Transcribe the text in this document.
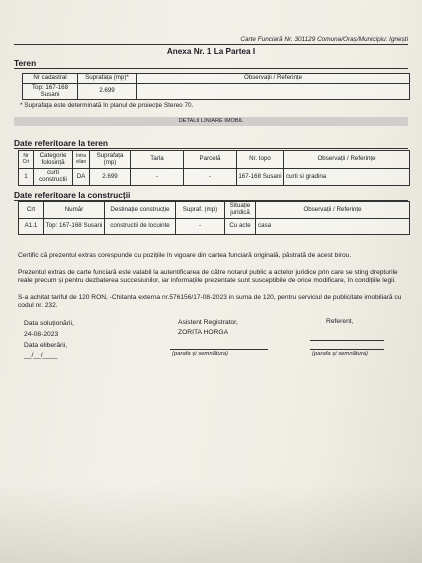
Carte Funciară Nr. 301129 Comuna/Oraș/Municipiu: Ignești
Anexa Nr. 1 La Partea I
Teren
Nr cadastral	Suprafața (mp)*	Observații / Referințe
Top: 167-168 Susani	2.699	
* Suprafața este determinată în planul de proiecție Stereo 70.
DETALII LINIARE IMOBIL
Date referitoare la teren
Nr Crt	Categorie folosință	Intra vilan	Suprafața (mp)	Tarla	Parcelă	Nr. topo	Observații / Referințe
1	curti constructii	DA	2.699	-	-	167-168 Susani	curti si gradina
Date referitoare la construcții
Crt	Număr	Destinație construcție	Supraf. (mp)	Situație juridică	Observații / Referințe
A1.1	Top: 167-168 Susani	constructii de locuinte	-	Cu acte	casa
Certific că prezentul extras corespunde cu pozițiile în vigoare din cartea funciară originală, păstrată de acest birou.
Prezentul extras de carte funciară este valabil la autentificarea de către notarul public a actelor juridice prin care se sting drepturile reale precum și pentru dezbaterea succesiunilor, iar informațiile prezentate sunt susceptibile de orice modificare, în condițiile legii.
S-a achitat tariful de 120 RON, -Chitanta externa nr.576156/17-08-2023 in suma de 120, pentru serviciul de publicitate imobiliară cu codul nr. 232.
Data soluționării,
24-08-2023
Data eliberării,
__/__/____
Asistent Registrator,
ZORITA HORGA
(parafa și semnătura)
Referent,
(parafa și semnătura)
